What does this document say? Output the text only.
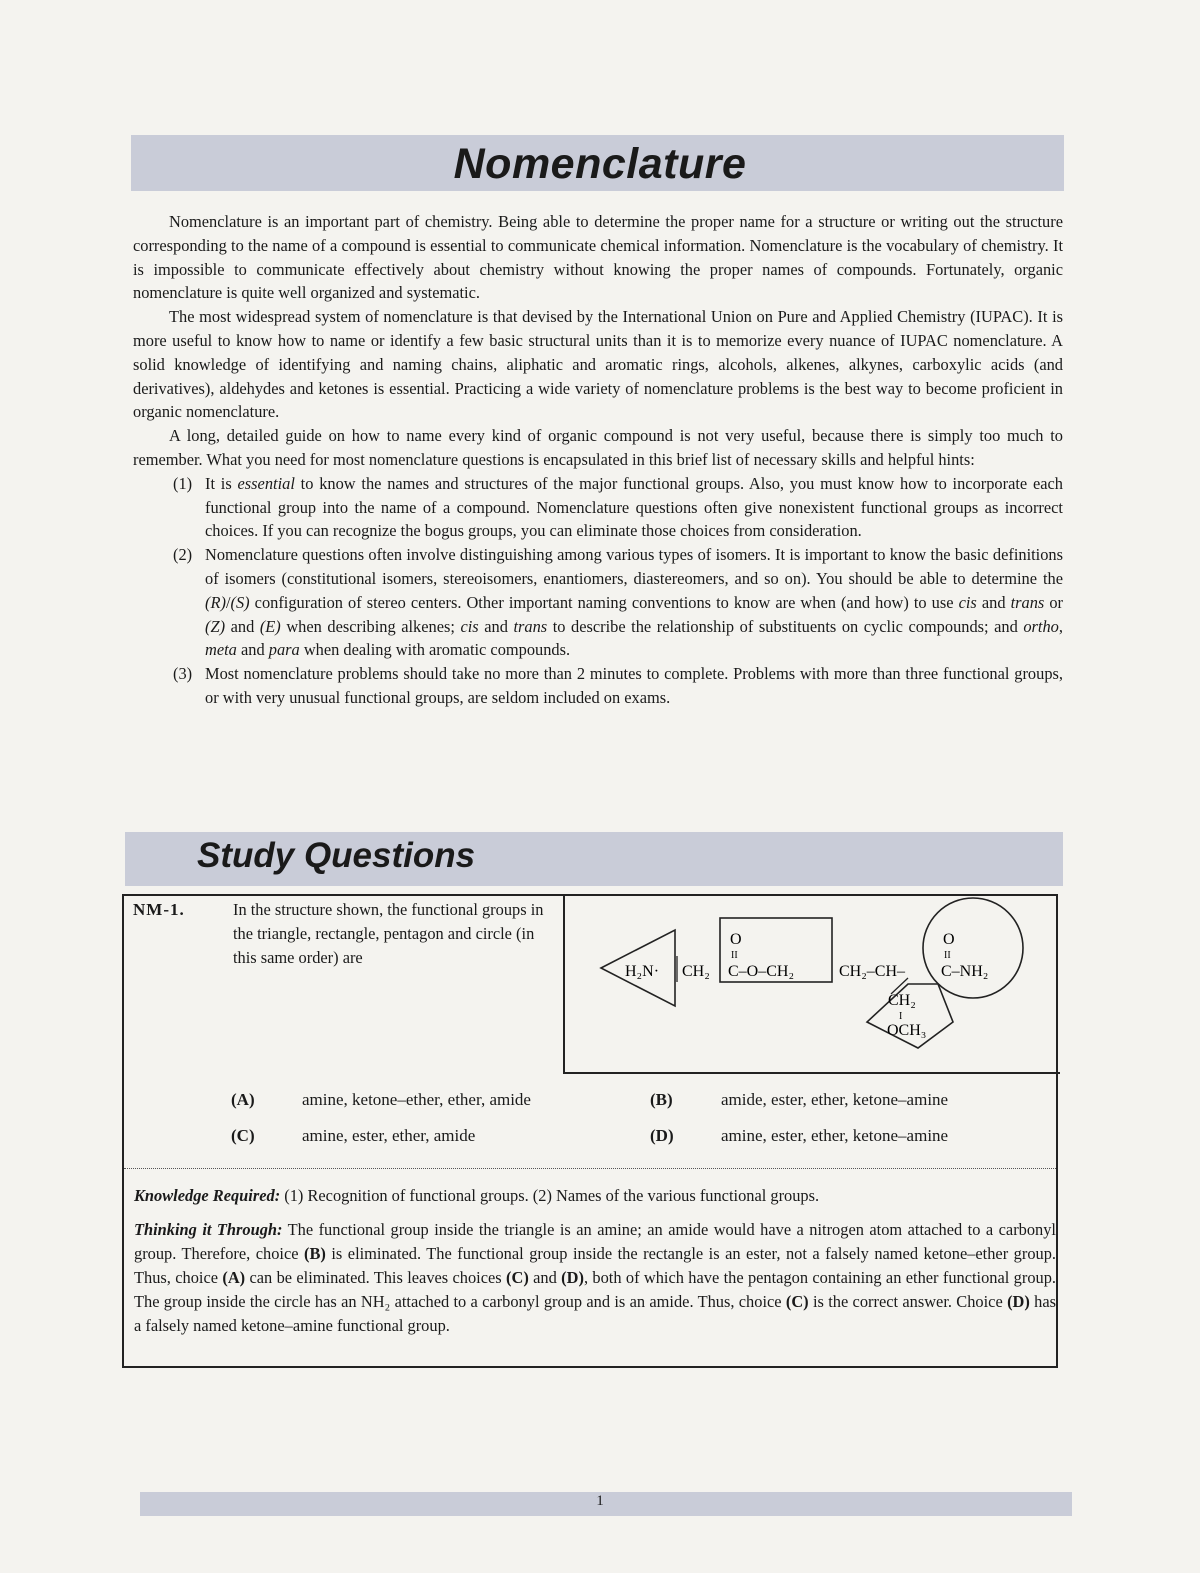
Nomenclature

Nomenclature is an important part of chemistry. Being able to determine the proper name for a structure or writing out the structure corresponding to the name of a compound is essential to communicate chemical information. Nomenclature is the vocabulary of chemistry. It is impossible to communicate effectively about chemistry without knowing the proper names of compounds. Fortunately, organic nomenclature is quite well organized and systematic.

The most widespread system of nomenclature is that devised by the International Union on Pure and Applied Chemistry (IUPAC). It is more useful to know how to name or identify a few basic structural units than it is to memorize every nuance of IUPAC nomenclature. A solid knowledge of identifying and naming chains, aliphatic and aromatic rings, alcohols, alkenes, alkynes, carboxylic acids (and derivatives), aldehydes and ketones is essential. Practicing a wide variety of nomenclature problems is the best way to become proficient in organic nomenclature.

A long, detailed guide on how to name every kind of organic compound is not very useful, because there is simply too much to remember. What you need for most nomenclature questions is encapsulated in this brief list of necessary skills and helpful hints:

(1) It is essential to know the names and structures of the major functional groups. Also, you must know how to incorporate each functional group into the name of a compound. Nomenclature questions often give nonexistent functional groups as incorrect choices. If you can recognize the bogus groups, you can eliminate those choices from consideration.
(2) Nomenclature questions often involve distinguishing among various types of isomers. It is important to know the basic definitions of isomers (constitutional isomers, stereoisomers, enantiomers, diastereomers, and so on). You should be able to determine the (R)/(S) configuration of stereo centers. Other important naming conventions to know are when (and how) to use cis and trans or (Z) and (E) when describing alkenes; cis and trans to describe the relationship of substituents on cyclic compounds; and ortho, meta and para when dealing with aromatic compounds.
(3) Most nomenclature problems should take no more than 2 minutes to complete. Problems with more than three functional groups, or with very unusual functional groups, are seldom included on exams.
Study Questions
NM-1.	In the structure shown, the functional groups in the triangle, rectangle, pentagon and circle (in this same order) are
H₂N· CH₂
O
II
C–O–CH₂	CH₂–CH–
O
II
C–NH₂
CH₂
I
OCH₃
(A)	amine, ketone–ether, ether, amide	(B)	amide, ester, ether, ketone–amine
(C)	amine, ester, ether, amide	(D)	amine, ester, ether, ketone–amine

Knowledge Required: (1) Recognition of functional groups. (2) Names of the various functional groups.

Thinking it Through: The functional group inside the triangle is an amine; an amide would have a nitrogen atom attached to a carbonyl group. Therefore, choice (B) is eliminated. The functional group inside the rectangle is an ester, not a falsely named ketone–ether group. Thus, choice (A) can be eliminated. This leaves choices (C) and (D), both of which have the pentagon containing an ether functional group. The group inside the circle has an NH₂ attached to a carbonyl group and is an amide. Thus, choice (C) is the correct answer. Choice (D) has a falsely named ketone–amine functional group.

1
